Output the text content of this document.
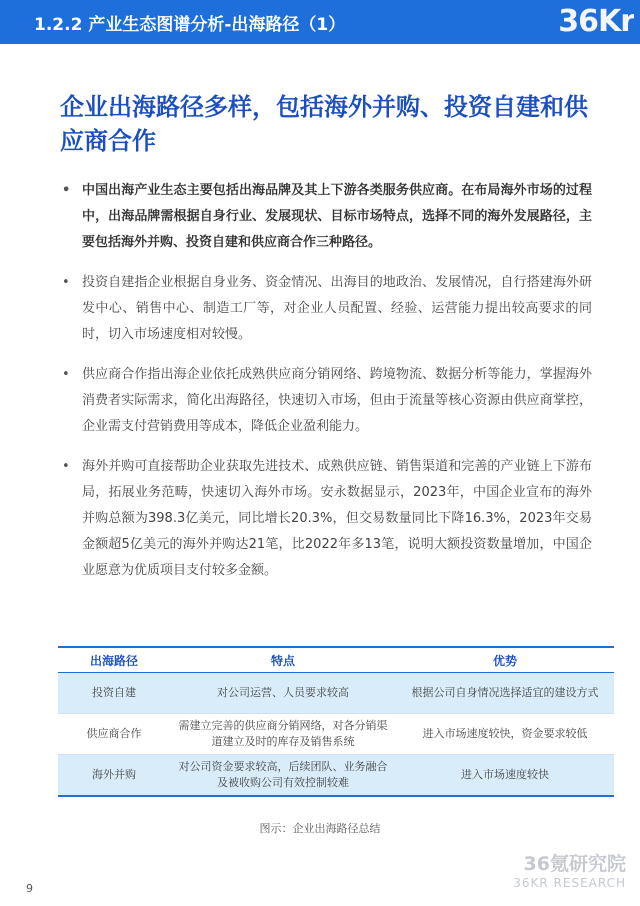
1.2.2 产业生态图谱分析-出海路径（1）	36Kr
企业出海路径多样，包括海外并购、投资自建和供应商合作
• 中国出海产业生态主要包括出海品牌及其上下游各类服务供应商。在布局海外市场的过程中，出海品牌需根据自身行业、发展现状、目标市场特点，选择不同的海外发展路径，主要包括海外并购、投资自建和供应商合作三种路径。
• 投资自建指企业根据自身业务、资金情况、出海目的地政治、发展情况，自行搭建海外研发中心、销售中心、制造工厂等，对企业人员配置、经验、运营能力提出较高要求的同时，切入市场速度相对较慢。
• 供应商合作指出海企业依托成熟供应商分销网络、跨境物流、数据分析等能力，掌握海外消费者实际需求，简化出海路径，快速切入市场，但由于流量等核心资源由供应商掌控，企业需支付营销费用等成本，降低企业盈利能力。
• 海外并购可直接帮助企业获取先进技术、成熟供应链、销售渠道和完善的产业链上下游布局，拓展业务范畴，快速切入海外市场。安永数据显示，2023年，中国企业宣布的海外并购总额为398.3亿美元，同比增长20.3%，但交易数量同比下降16.3%，2023年交易金额超5亿美元的海外并购达21笔，比2022年多13笔，说明大额投资数量增加，中国企业愿意为优质项目支付较多金额。
出海路径	特点	优势
投资自建	对公司运营、人员要求较高	根据公司自身情况选择适宜的建设方式
供应商合作	需建立完善的供应商分销网络，对各分销渠道建立及时的库存及销售系统	进入市场速度较快，资金要求较低
海外并购	对公司资金要求较高，后续团队、业务融合及被收购公司有效控制较难	进入市场速度较快
图示：企业出海路径总结
9
36氪研究院
36KR RESEARCH
